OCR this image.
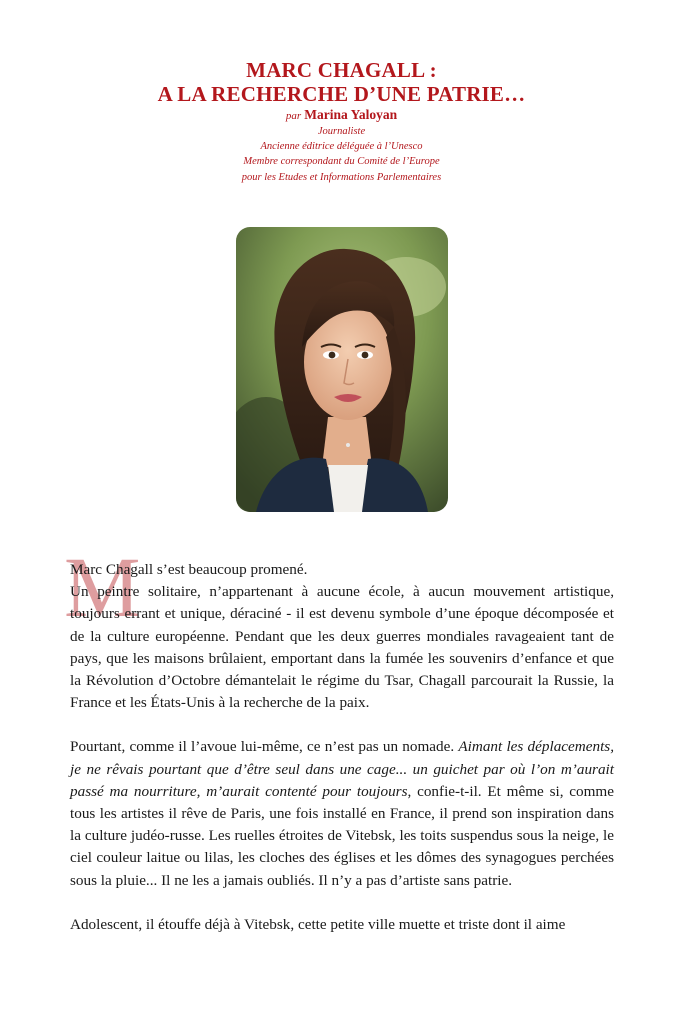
MARC CHAGALL :
A LA RECHERCHE D’UNE PATRIE…
par Marina Yaloyan
Journaliste
Ancienne éditrice déléguée à l’Unesco
Membre correspondant du Comité de l’Europe
pour les Etudes et Informations Parlementaires
M

Marc Chagall s’est beaucoup promené.
Un peintre solitaire, n’appartenant à aucune école, à aucun mouvement artistique, toujours errant et unique, déraciné - il est devenu symbole d’une époque décomposée et de la culture européenne. Pendant que les deux guerres mondiales ravageaient tant de pays, que les maisons brûlaient, emportant dans la fumée les souvenirs d’enfance et que la Révolution d’Octobre démantelait le régime du Tsar, Chagall parcourait la Russie, la France et les États-Unis à la recherche de la paix.

Pourtant, comme il l’avoue lui-même, ce n’est pas un nomade. Aimant les déplacements, je ne rêvais pourtant que d’être seul dans une cage... un guichet par où l’on m’aurait passé ma nourriture, m’aurait contenté pour toujours, confie-t-il. Et même si, comme tous les artistes il rêve de Paris, une fois installé en France, il prend son inspiration dans la culture judéo-russe. Les ruelles étroites de Vitebsk, les toits suspendus sous la neige, le ciel couleur laitue ou lilas, les cloches des églises et les dômes des synagogues perchées sous la pluie... Il ne les a jamais oubliés. Il n’y a pas d’artiste sans patrie.

Adolescent, il étouffe déjà à Vitebsk, cette petite ville muette et triste dont il aime
